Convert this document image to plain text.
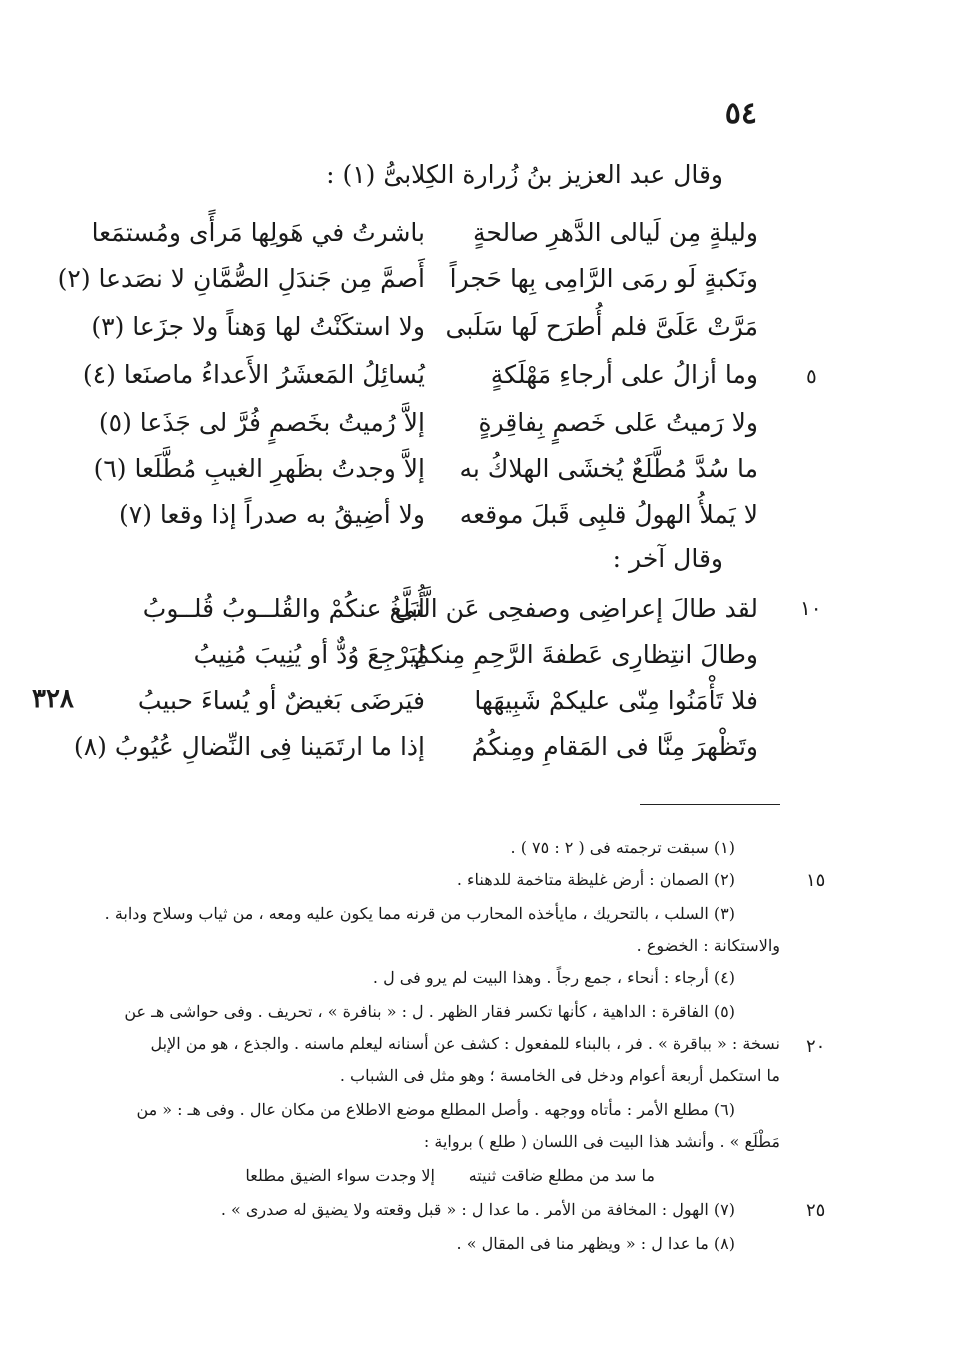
٥٤
وقال عبد العزيز بنُ زُرارة الكِلابىُّ (١) :
وليلةٍ مِن لَيالى الدَّهرِ صالحةٍ
باشرتُ في هَولِها مَرأًى ومُستمَعا
ونَكبةٍ لَو رمَى الرَّامِى بِها حَجراً
أَصمَّ مِن جَندَلِ الصُّمَّانِ لا نصَدعا (٢)
مَرَّتْ عَلَىَّ فلم أُطرَح لَها سَلَبى
ولا استكَنْتُ لها وَهناً ولا جزَعا (٣)
وما أزالُ على أرجاءِ مَهْلَكةٍ
يُسائِلُ المَعشَرُ الأَعداءُ ماصنَعا (٤)
ولا رَميتُ عَلى خَصمٍ بِفاقِرةٍ
إلاَّ رُميتُ بخَصمٍ فُرَّ لى جَذَعا (٥)
ما سُدَّ مُطَّلَعٌ يُخشَى الهلاكُ به
إلاَّ وجدتُ بظَهرِ الغيبِ مُطَّلَعا (٦)
لا يَملأُ الهولُ قلبِى قَبلَ موقعه
ولا أضِيقُ به صدراً إذا وقعا (٧)
وقال آخر :
لقد طالَ إعراضِى وصفحِى عَن الَّتى
أُبَلَّغُ عنكُمْ والقُلــوبُ قُلــوبُ
وطالَ انتِظارِى عَطفةَ الرَّحِمِ مِنكمُ
لِيَرْجِعَ وُدٌّ أو يُنِيبَ مُنِيبُ
فلا تَأْمَنُوا مِنّى عليكمْ شَبِيهَها
فيَرضَى بَغيضٌ أو يُساءَ حبيبُ
وتَظْهرَ مِنَّا فى المَقامِ ومِنكُمُ
إذا ما ارتَمَينا فِى النِّضالِ عُيُوبُ (٨)
٥
١٠
٣٢٨
(١) سبقت ترجمته فى ( ٢ : ٧٥ ) .
(٢) الصمان : أرض غليظة متاخمة للدهناء .
(٣) السلب ، بالتحريك ، مايأخذه المحارب من قرنه مما يكون عليه ومعه ، من ثياب وسلاح ودابة .
والاستكانة : الخضوع .
(٤) أرجاء : أنحاء ، جمع رجاً . وهذا البيت لم يرو فى ل .
(٥) الفاقرة : الداهية ، كأنها تكسر فقار الظهر . ل : « بنافرة » ، تحريف . وفى حواشى هـ عن
نسخة : « بباقرة » . فر ، بالبناء للمفعول : كشف عن أسنانه ليعلم ماسنه . والجذع ، هو من الإبل
ما استكمل أربعة أعوام ودخل فى الخامسة ؛ وهو مثل فى الشباب .
(٦) مطلع الأمر : مأتاه ووجهه . وأصل المطلع موضع الاطلاع من مكان عال . وفى هـ : « من
مَطْلَع » . وأنشد هذا البيت فى اللسان ( طلع ) برواية :
ما سد من مطلع ضاقت ثنيته
إلا وجدت سواء الضيق مطلعا
(٧) الهول : المخافة من الأمر . ما عدا ل : « قبل وقعته ولا يضيق له صدرى » .
(٨) ما عدا ل : « ويظهر منا فى المقال » .
١٥
٢٠
٢٥
